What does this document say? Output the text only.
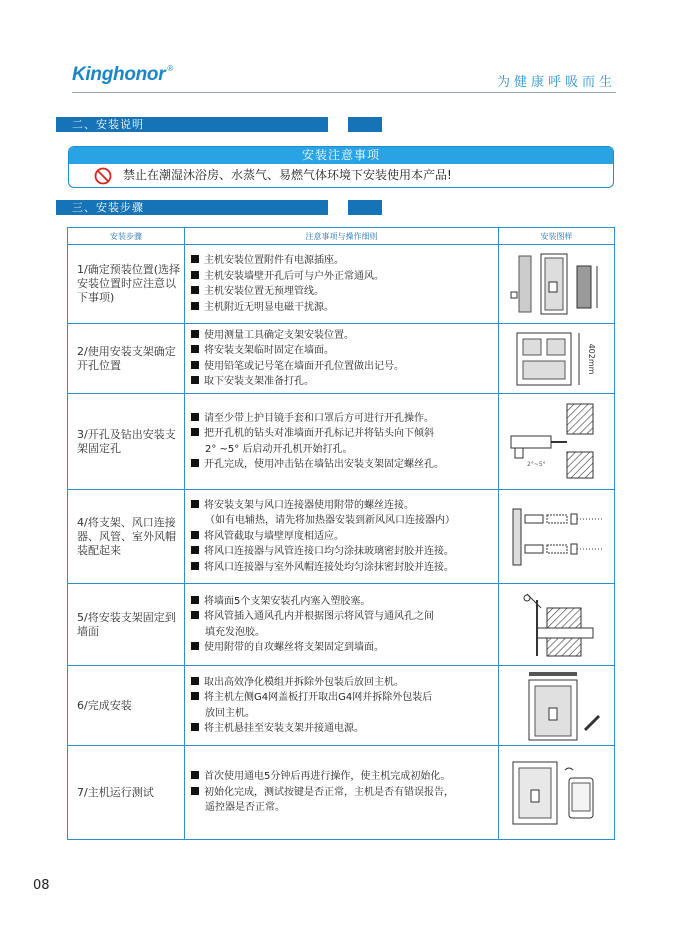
Kinghonor ®
为健康呼吸而生
二、安装说明
安装注意事项
禁止在潮湿沐浴房、水蒸气、易燃气体环境下安装使用本产品!
三、安装步骤
安装步骤	注意事项与操作细则	安装图样
1/确定预装位置(选择安装位置时应注意以下事项)	主机安装位置附件有电源插座。
主机安装墙壁开孔后可与户外正常通风。
主机安装位置无预埋管线。
主机附近无明显电磁干扰源。

2/使用安装支架确定开孔位置	使用测量工具确定支架安装位置。
将安装支架临时固定在墙面。
使用铅笔或记号笔在墙面开孔位置做出记号。
取下安装支架准备打孔。	402mm

3/开孔及钻出安装支架固定孔	请至少带上护目镜手套和口罩后方可进行开孔操作。
把开孔机的钻头对准墙面开孔标记并将钻头向下倾斜
2° ~5° 后启动开孔机开始打孔。
开孔完成，使用冲击钻在墙钻出安装支架固定螺丝孔。	2°~5°

4/将支架、风口连接器、风管、室外风帽装配起来	将安装支架与风口连接器使用附带的螺丝连接。
（如有电辅热，请先将加热器安装到新风风口连接器内）
将风管截取与墙壁厚度相适应。
将风口连接器与风管连接口均匀涂抹玻璃密封胶并连接。
将风口连接器与室外风帽连接处均匀涂抹密封胶并连接。

5/将安装支架固定到墙面	将墙面5个支架安装孔内塞入塑胶塞。
将风管插入通风孔内并根据图示将风管与通风孔之间
填充发泡胶。
使用附带的自攻螺丝将支架固定到墙面。

6/完成安装	取出高效净化模组并拆除外包装后放回主机。
将主机左侧G4网盖板打开取出G4网并拆除外包装后
放回主机。
将主机悬挂至安装支架并接通电源。

7/主机运行测试	首次使用通电5分钟后再进行操作，使主机完成初始化。
初始化完成，测试按键是否正常，主机是否有错误报告，
遥控器是否正常。

08
